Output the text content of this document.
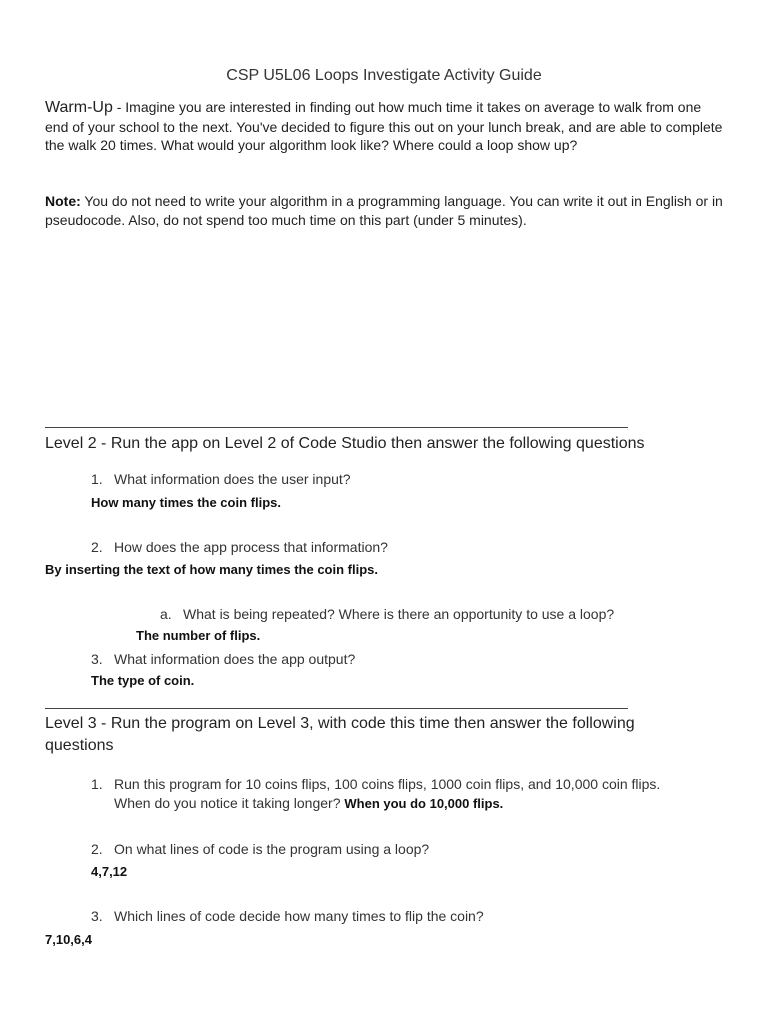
CSP U5L06 Loops Investigate Activity Guide
Warm-Up - Imagine you are interested in finding out how much time it takes on average to walk from one end of your school to the next. You've decided to figure this out on your lunch break, and are able to complete the walk 20 times. What would your algorithm look like? Where could a loop show up?
Note: You do not need to write your algorithm in a programming language. You can write it out in English or in pseudocode. Also, do not spend too much time on this part (under 5 minutes).
Level 2 - Run the app on Level 2 of Code Studio then answer the following questions
1. What information does the user input?
How many times the coin flips.
2. How does the app process that information?
By inserting the text of how many times the coin flips.
a. What is being repeated? Where is there an opportunity to use a loop?
The number of flips.
3. What information does the app output?
The type of coin.
Level 3 - Run the program on Level 3, with code this time then answer the following
questions
1. Run this program for 10 coins flips, 100 coins flips, 1000 coin flips, and 10,000 coin flips.
When do you notice it taking longer? When you do 10,000 flips.
2. On what lines of code is the program using a loop?
4,7,12
3. Which lines of code decide how many times to flip the coin?
7,10,6,4
